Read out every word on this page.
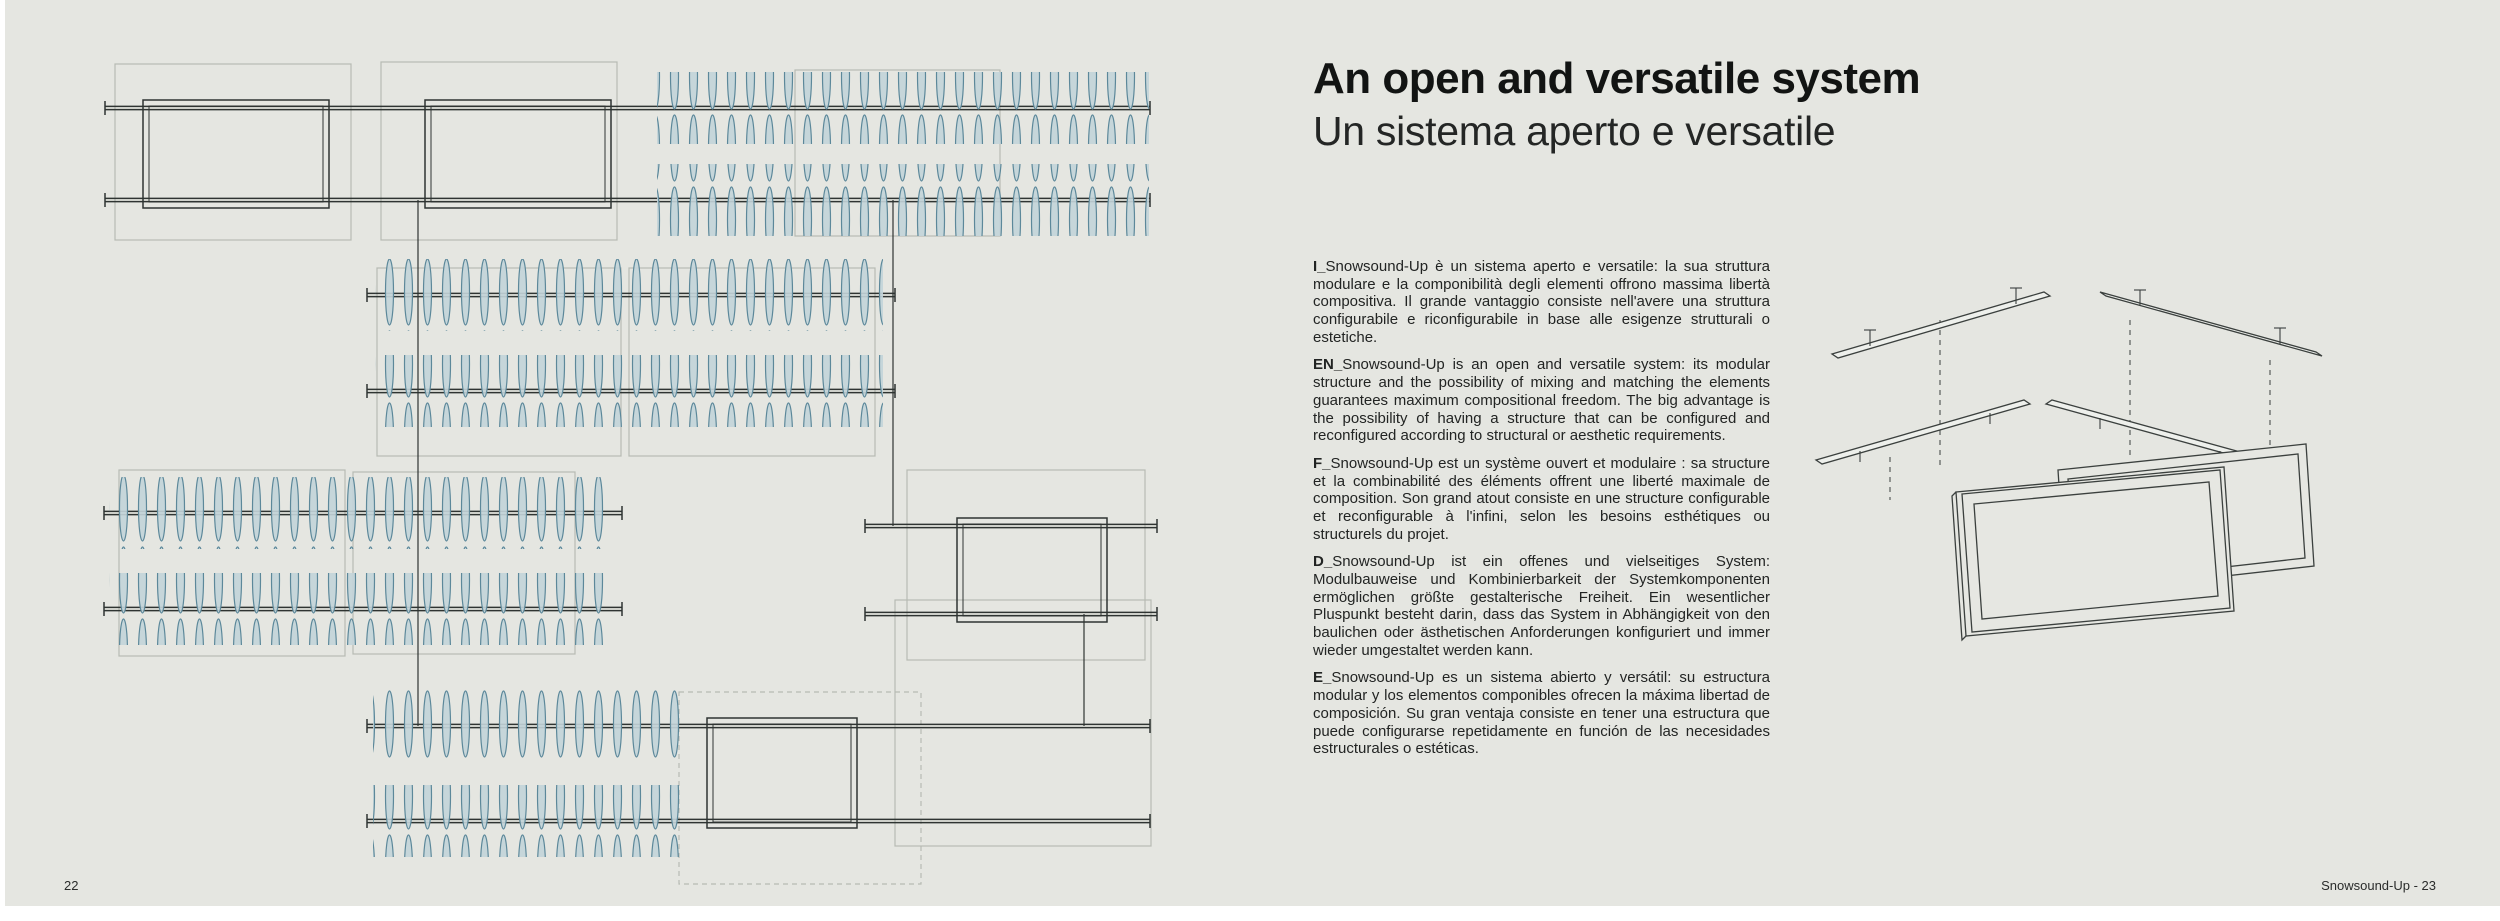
An open and versatile system
Un sistema aperto e versatile

I_Snowsound-Up è un sistema aperto e versatile: la sua struttura modulare e la componibilità degli elementi offrono massima libertà compositiva. Il grande vantaggio consiste nell'avere una struttura configurabile e riconfigurabile in base alle esigenze strutturali o estetiche.

EN_Snowsound-Up is an open and versatile system: its modular structure and the possibility of mixing and matching the elements guarantees maximum compositional freedom. The big advantage is the possibility of having a structure that can be configured and reconfigured according to structural or aesthetic requirements.

F_Snowsound-Up est un système ouvert et modulaire : sa structure et la combinabilité des éléments offrent une liberté maximale de composition. Son grand atout consiste en une structure configurable et reconfigurable à l'infini, selon les besoins esthétiques ou structurels du projet.

D_Snowsound-Up ist ein offenes und vielseitiges System: Modulbauweise und Kombinierbarkeit der Systemkomponenten ermöglichen größte gestalterische Freiheit. Ein wesentlicher Pluspunkt besteht darin, dass das System in Abhängigkeit von den baulichen oder ästhetischen Anforderungen konfiguriert und immer wieder umgestaltet werden kann.

E_Snowsound-Up es un sistema abierto y versátil: su estructura modular y los elementos componibles ofrecen la máxima libertad de composición. Su gran ventaja consiste en tener una estructura que puede configurarse repetidamente en función de las necesidades estructurales o estéticas.

22	Snowsound-Up - 23
